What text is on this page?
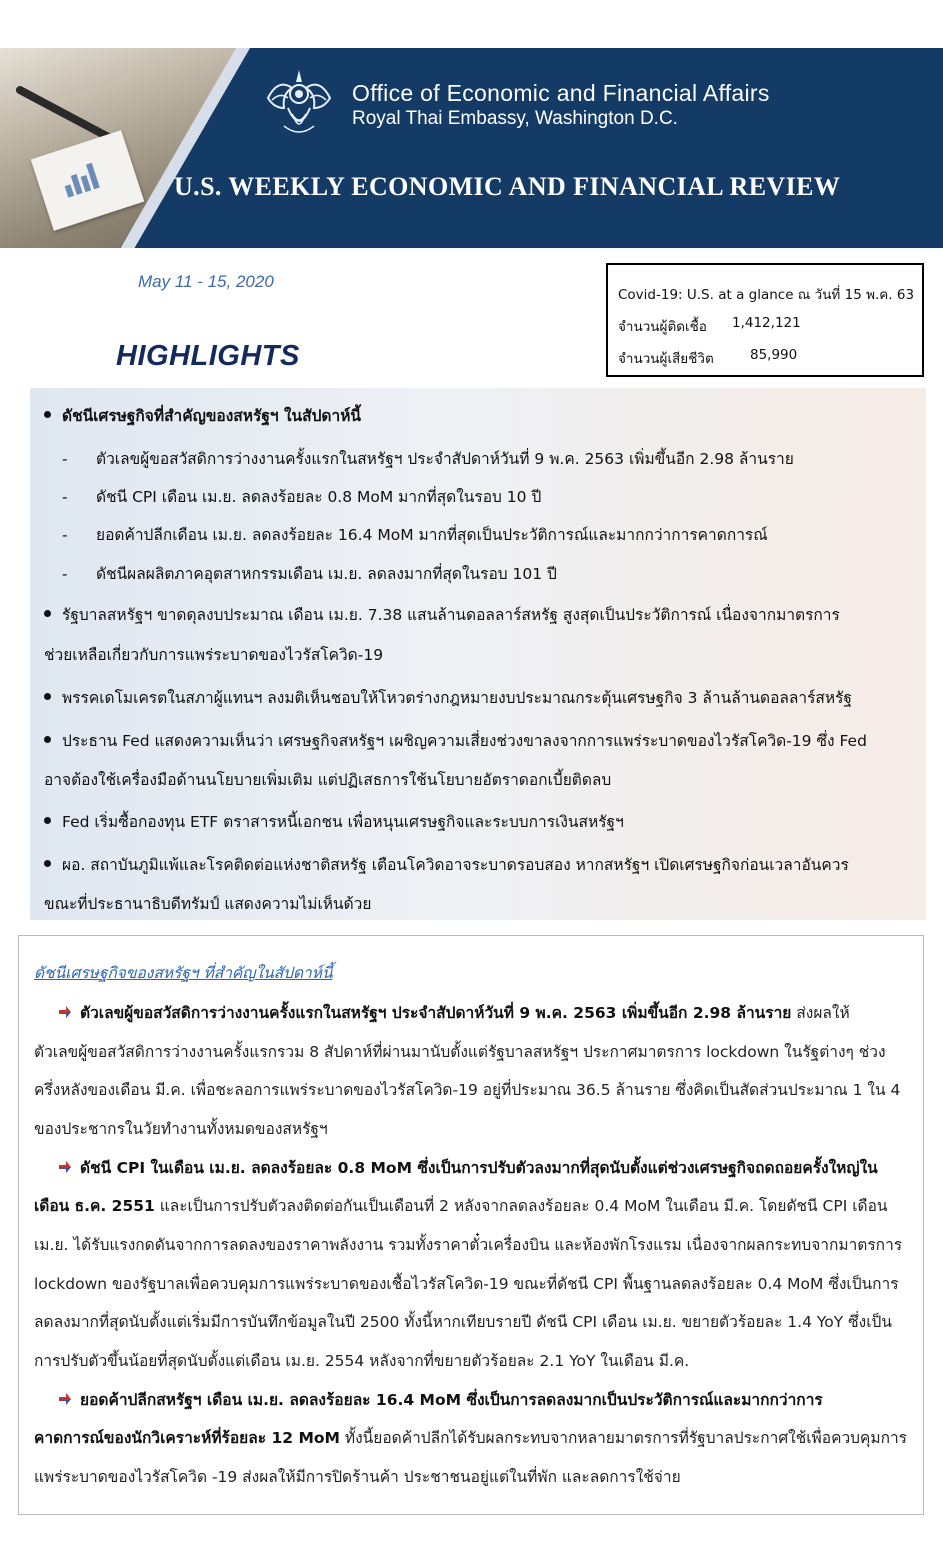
Office of Economic and Financial Affairs
Royal Thai Embassy, Washington D.C.
U.S. WEEKLY ECONOMIC AND FINANCIAL REVIEW
May 11 - 15, 2020
HIGHLIGHTS
Covid-19: U.S. at a glance ณ วันที่ 15 พ.ค. 63
จำนวนผู้ติดเชื้อ 1,412,121
จำนวนผู้เสียชีวิต	85,990
ดัชนีเศรษฐกิจที่สำคัญของสหรัฐฯ ในสัปดาห์นี้
- ตัวเลขผู้ขอสวัสดิการว่างงานครั้งแรกในสหรัฐฯ ประจำสัปดาห์วันที่ 9 พ.ค. 2563 เพิ่มขึ้นอีก 2.98 ล้านราย
- ดัชนี CPI เดือน เม.ย. ลดลงร้อยละ 0.8 MoM มากที่สุดในรอบ 10 ปี
- ยอดค้าปลีกเดือน เม.ย. ลดลงร้อยละ 16.4 MoM มากที่สุดเป็นประวัติการณ์และมากกว่าการคาดการณ์
- ดัชนีผลผลิตภาคอุตสาหกรรมเดือน เม.ย. ลดลงมากที่สุดในรอบ 101 ปี
รัฐบาลสหรัฐฯ ขาดดุลงบประมาณ เดือน เม.ย. 7.38 แสนล้านดอลลาร์สหรัฐ สูงสุดเป็นประวัติการณ์ เนื่องจากมาตรการ
ช่วยเหลือเกี่ยวกับการแพร่ระบาดของไวรัสโควิด-19
พรรคเดโมเครตในสภาผู้แทนฯ ลงมติเห็นชอบให้โหวตร่างกฎหมายงบประมาณกระตุ้นเศรษฐกิจ 3 ล้านล้านดอลลาร์สหรัฐ
ประธาน Fed แสดงความเห็นว่า เศรษฐกิจสหรัฐฯ เผชิญความเสี่ยงช่วงขาลงจากการแพร่ระบาดของไวรัสโควิด-19 ซึ่ง Fed
อาจต้องใช้เครื่องมือด้านนโยบายเพิ่มเติม แต่ปฏิเสธการใช้นโยบายอัตราดอกเบี้ยติดลบ
Fed เริ่มซื้อกองทุน ETF ตราสารหนี้เอกชน เพื่อหนุนเศรษฐกิจและระบบการเงินสหรัฐฯ
ผอ. สถาบันภูมิแพ้และโรคติดต่อแห่งชาติสหรัฐ เตือนโควิดอาจระบาดรอบสอง หากสหรัฐฯ เปิดเศรษฐกิจก่อนเวลาอันควร
ขณะที่ประธานาธิบดีทรัมป์ แสดงความไม่เห็นด้วย
ดัชนีเศรษฐกิจของสหรัฐฯ ที่สำคัญในสัปดาห์นี้
ตัวเลขผู้ขอสวัสดิการว่างงานครั้งแรกในสหรัฐฯ ประจำสัปดาห์วันที่ 9 พ.ค. 2563 เพิ่มขึ้นอีก 2.98 ล้านราย ส่งผลให้
ตัวเลขผู้ขอสวัสดิการว่างงานครั้งแรกรวม 8 สัปดาห์ที่ผ่านมานับตั้งแต่รัฐบาลสหรัฐฯ ประกาศมาตรการ lockdown ในรัฐต่างๆ ช่วง
ครึ่งหลังของเดือน มี.ค. เพื่อชะลอการแพร่ระบาดของไวรัสโควิด-19 อยู่ที่ประมาณ 36.5 ล้านราย ซึ่งคิดเป็นสัดส่วนประมาณ 1 ใน 4
ของประชากรในวัยทำงานทั้งหมดของสหรัฐฯ
ดัชนี CPI ในเดือน เม.ย. ลดลงร้อยละ 0.8 MoM ซึ่งเป็นการปรับตัวลงมากที่สุดนับตั้งแต่ช่วงเศรษฐกิจถดถอยครั้งใหญ่ใน
เดือน ธ.ค. 2551 และเป็นการปรับตัวลงติดต่อกันเป็นเดือนที่ 2 หลังจากลดลงร้อยละ 0.4 MoM ในเดือน มี.ค. โดยดัชนี CPI เดือน
เม.ย. ได้รับแรงกดดันจากการลดลงของราคาพลังงาน รวมทั้งราคาตั๋วเครื่องบิน และห้องพักโรงแรม เนื่องจากผลกระทบจากมาตรการ
lockdown ของรัฐบาลเพื่อควบคุมการแพร่ระบาดของเชื้อไวรัสโควิด-19 ขณะที่ดัชนี CPI พื้นฐานลดลงร้อยละ 0.4 MoM ซึ่งเป็นการ
ลดลงมากที่สุดนับตั้งแต่เริ่มมีการบันทึกข้อมูลในปี 2500 ทั้งนี้หากเทียบรายปี ดัชนี CPI เดือน เม.ย. ขยายตัวร้อยละ 1.4 YoY ซึ่งเป็น
การปรับตัวขึ้นน้อยที่สุดนับตั้งแต่เดือน เม.ย. 2554 หลังจากที่ขยายตัวร้อยละ 2.1 YoY ในเดือน มี.ค.
ยอดค้าปลีกสหรัฐฯ เดือน เม.ย. ลดลงร้อยละ 16.4 MoM ซึ่งเป็นการลดลงมากเป็นประวัติการณ์และมากกว่าการ
คาดการณ์ของนักวิเคราะห์ที่ร้อยละ 12 MoM ทั้งนี้ยอดค้าปลีกได้รับผลกระทบจากหลายมาตรการที่รัฐบาลประกาศใช้เพื่อควบคุมการ
แพร่ระบาดของไวรัสโควิด -19 ส่งผลให้มีการปิดร้านค้า ประชาชนอยู่แต่ในที่พัก และลดการใช้จ่าย
